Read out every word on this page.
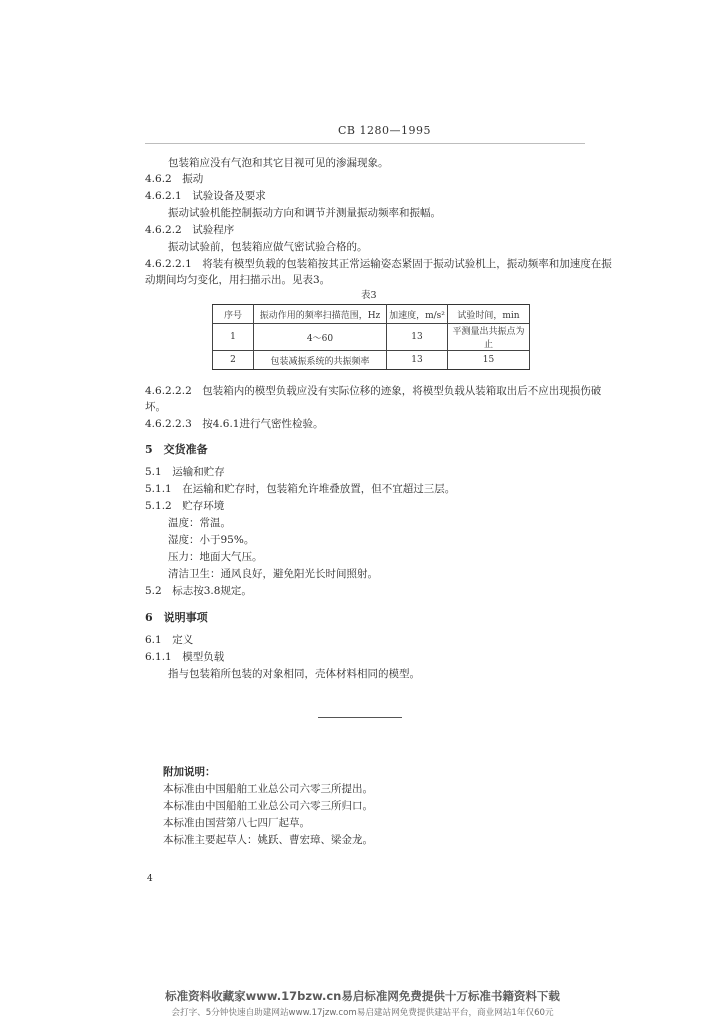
CB 1280—1995
包装箱应没有气泡和其它目视可见的渗漏现象。
4.6.2　振动
4.6.2.1　试验设备及要求
振动试验机能控制振动方向和调节并测量振动频率和振幅。
4.6.2.2　试验程序
振动试验前，包装箱应做气密试验合格的。
4.6.2.2.1　将装有模型负载的包装箱按其正常运输姿态紧固于振动试验机上，振动频率和加速度在振
动期间均匀变化，用扫描示出。见表3。
表3
序号	振动作用的频率扫描范围，Hz	加速度，m/s²	试验时间，min
1	4～60	13	平测量出共振点为止
2	包装减振系统的共振频率	13	15
4.6.2.2.2　包装箱内的模型负载应没有实际位移的迹象，将模型负载从装箱取出后不应出现损伤破
坏。
4.6.2.2.3　按4.6.1进行气密性检验。
5　交货准备
5.1　运输和贮存
5.1.1　在运输和贮存时，包装箱允许堆叠放置，但不宜超过三层。
5.1.2　贮存环境
温度：常温。
湿度：小于95%。
压力：地面大气压。
清洁卫生：通风良好，避免阳光长时间照射。
5.2　标志按3.8规定。
6　说明事项
6.1　定义
6.1.1　模型负载
指与包装箱所包装的对象相同，壳体材料相同的模型。
附加说明：
本标准由中国船舶工业总公司六零三所提出。
本标准由中国船舶工业总公司六零三所归口。
本标准由国营第八七四厂起草。
本标准主要起草人：姚跃、曹宏璋、梁金龙。
4
标准资料收藏家www.17bzw.cn易启标准网免费提供十万标准书籍资料下载
会打字、5分钟快速自助建网站www.17jzw.com易启建站网免费提供建站平台，商业网站1年仅60元
